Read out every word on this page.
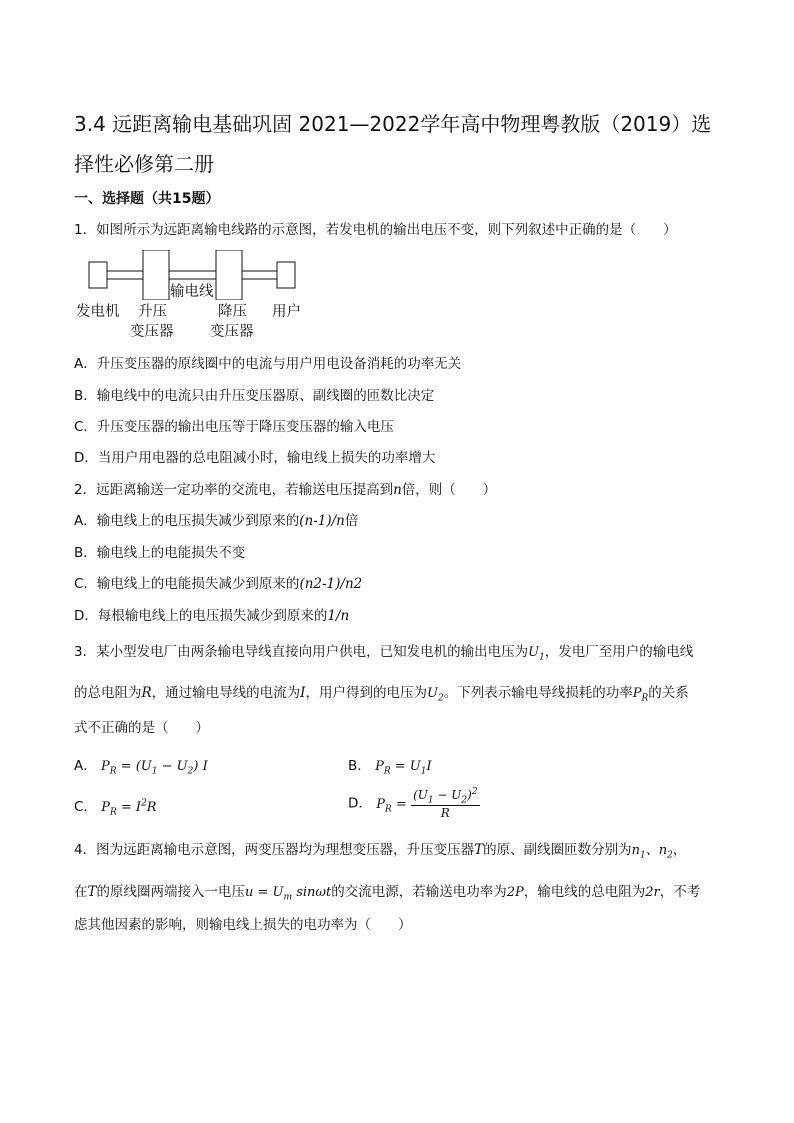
3.4 远距离输电基础巩固 2021—2022学年高中物理粤教版（2019）选择性必修第二册
一、选择题（共15题）
1．如图所示为远距离输电线路的示意图，若发电机的输出电压不变，则下列叙述中正确的是（　　）
输电线
发电机 升压
变压器
降压
变压器
用户
A．升压变压器的原线圈中的电流与用户用电设备消耗的功率无关
B．输电线中的电流只由升压变压器原、副线圈的匝数比决定
C．升压变压器的输出电压等于降压变压器的输入电压
D．当用户用电器的总电阻减小时，输电线上损失的功率增大
2．远距离输送一定功率的交流电，若输送电压提高到n倍，则（　　）
A．输电线上的电压损失减少到原来的(n-1)/n倍
B．输电线上的电能损失不变
C．输电线上的电能损失减少到原来的(n2-1)/n2
D．每根输电线上的电压损失减少到原来的1/n
3．某小型发电厂由两条输电导线直接向用户供电，已知发电机的输出电压为$U_1$，发电厂至用户的输电线
的总电阻为R，通过输电导线的电流为I，用户得到的电压为$U_2$。下列表示输电导线损耗的功率$P_R$的关系
式不正确的是（　　）
A． $P_R = (U_1 - U_2)$ I	B． $P_R = U_1I$
C． $P_R = I^2R$	D． $P_R = \frac{(U_1 - U_2)^2}{R}$
4．图为远距离输电示意图，两变压器均为理想变压器，升压变压器T的原、副线圈匝数分别为$n_1$、$n_2$，
在T的原线圈两端接入一电压$u = U_m$ sinωt的交流电源，若输送电功率为2P，输电线的总电阻为2r，不考
虑其他因素的影响，则输电线上损失的电功率为（　　）
